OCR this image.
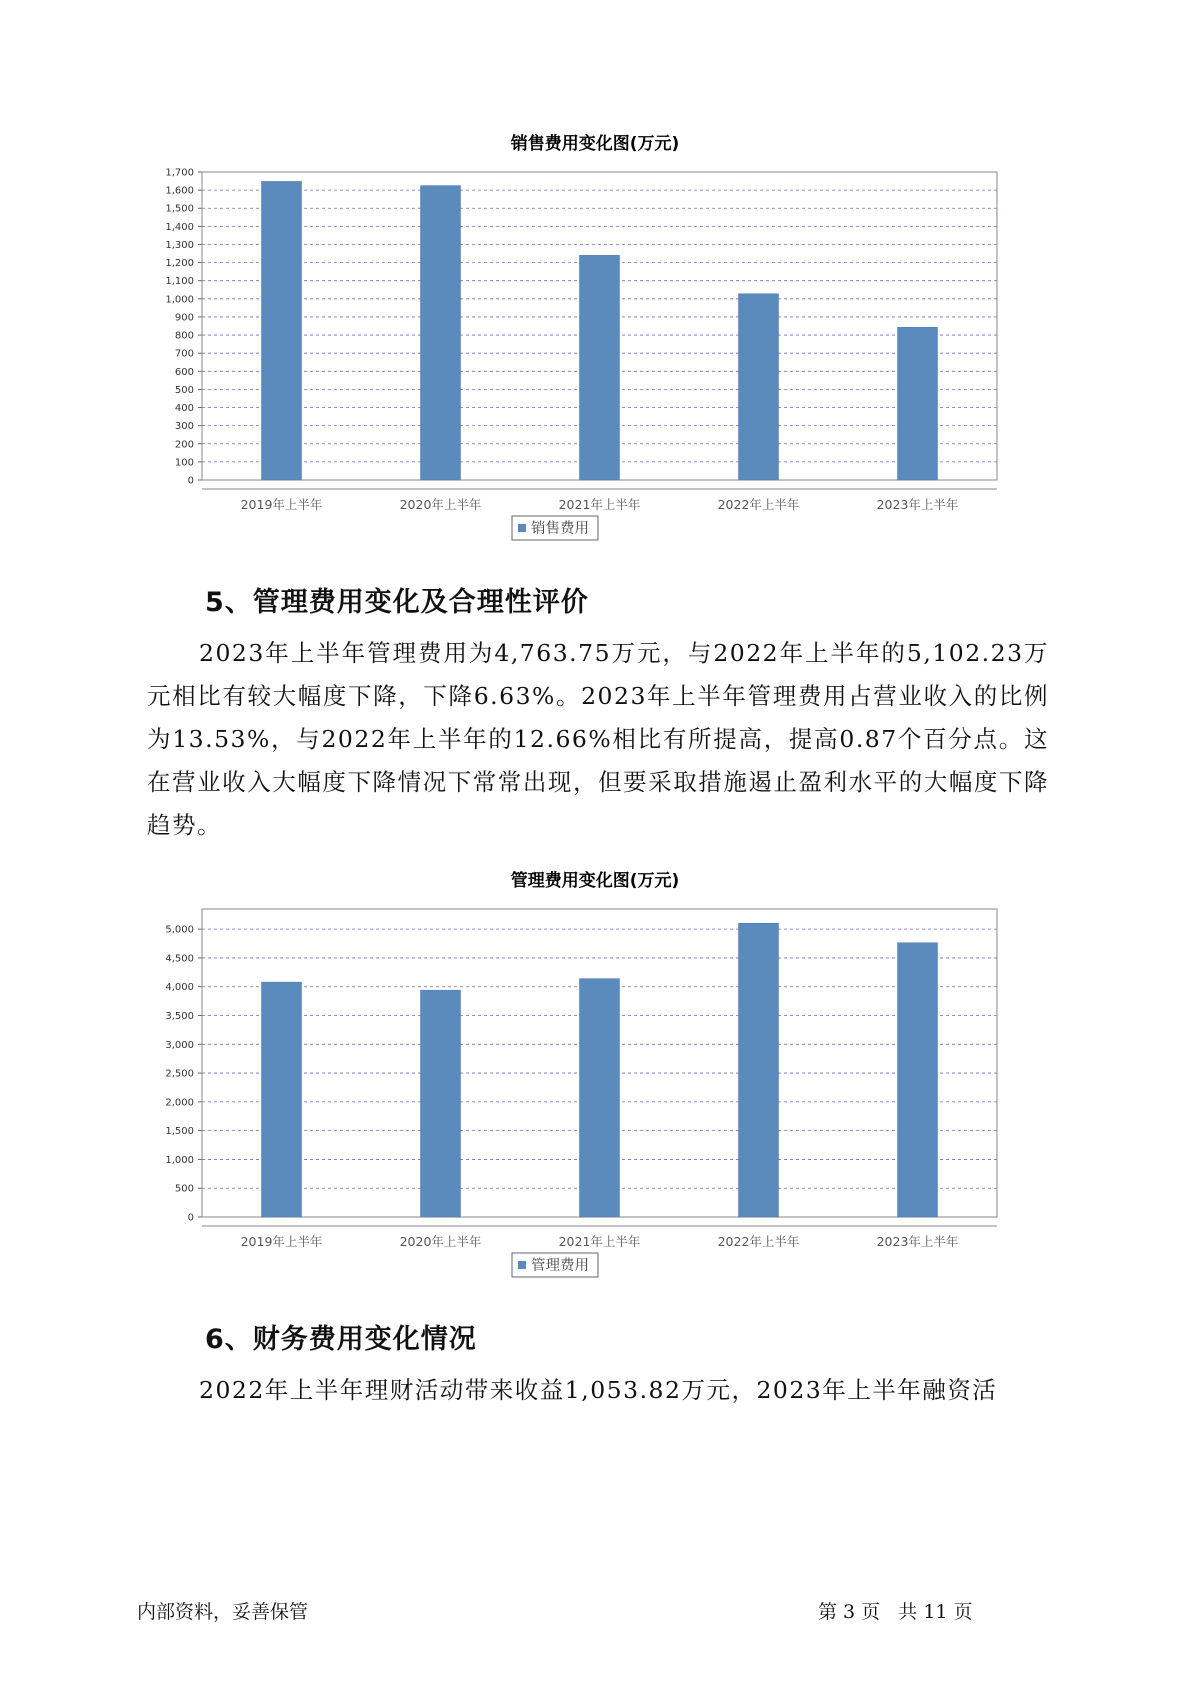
销售费用变化图(万元)
0
100
200
300
400
500
600
700
800
900
1,000
1,100
1,200
1,300
1,400
1,500
1,600
1,700
2019年上半年	2020年上半年	2021年上半年	2022年上半年	2023年上半年
销售费用
5、管理费用变化及合理性评价

2023年上半年管理费用为4,763.75万元，与2022年上半年的5,102.23万元相比有较大幅度下降，下降6.63%。2023年上半年管理费用占营业收入的比例为13.53%，与2022年上半年的12.66%相比有所提高，提高0.87个百分点。这在营业收入大幅度下降情况下常常出现，但要采取措施遏止盈利水平的大幅度下降趋势。

管理费用变化图(万元)
0
500
1,000
1,500
2,000
2,500
3,000
3,500
4,000
4,500
5,000
2019年上半年	2020年上半年	2021年上半年	2022年上半年	2023年上半年
管理费用
6、财务费用变化情况

2022年上半年理财活动带来收益1,053.82万元，2023年上半年融资活

内部资料，妥善保管	第 3 页   共 11 页
